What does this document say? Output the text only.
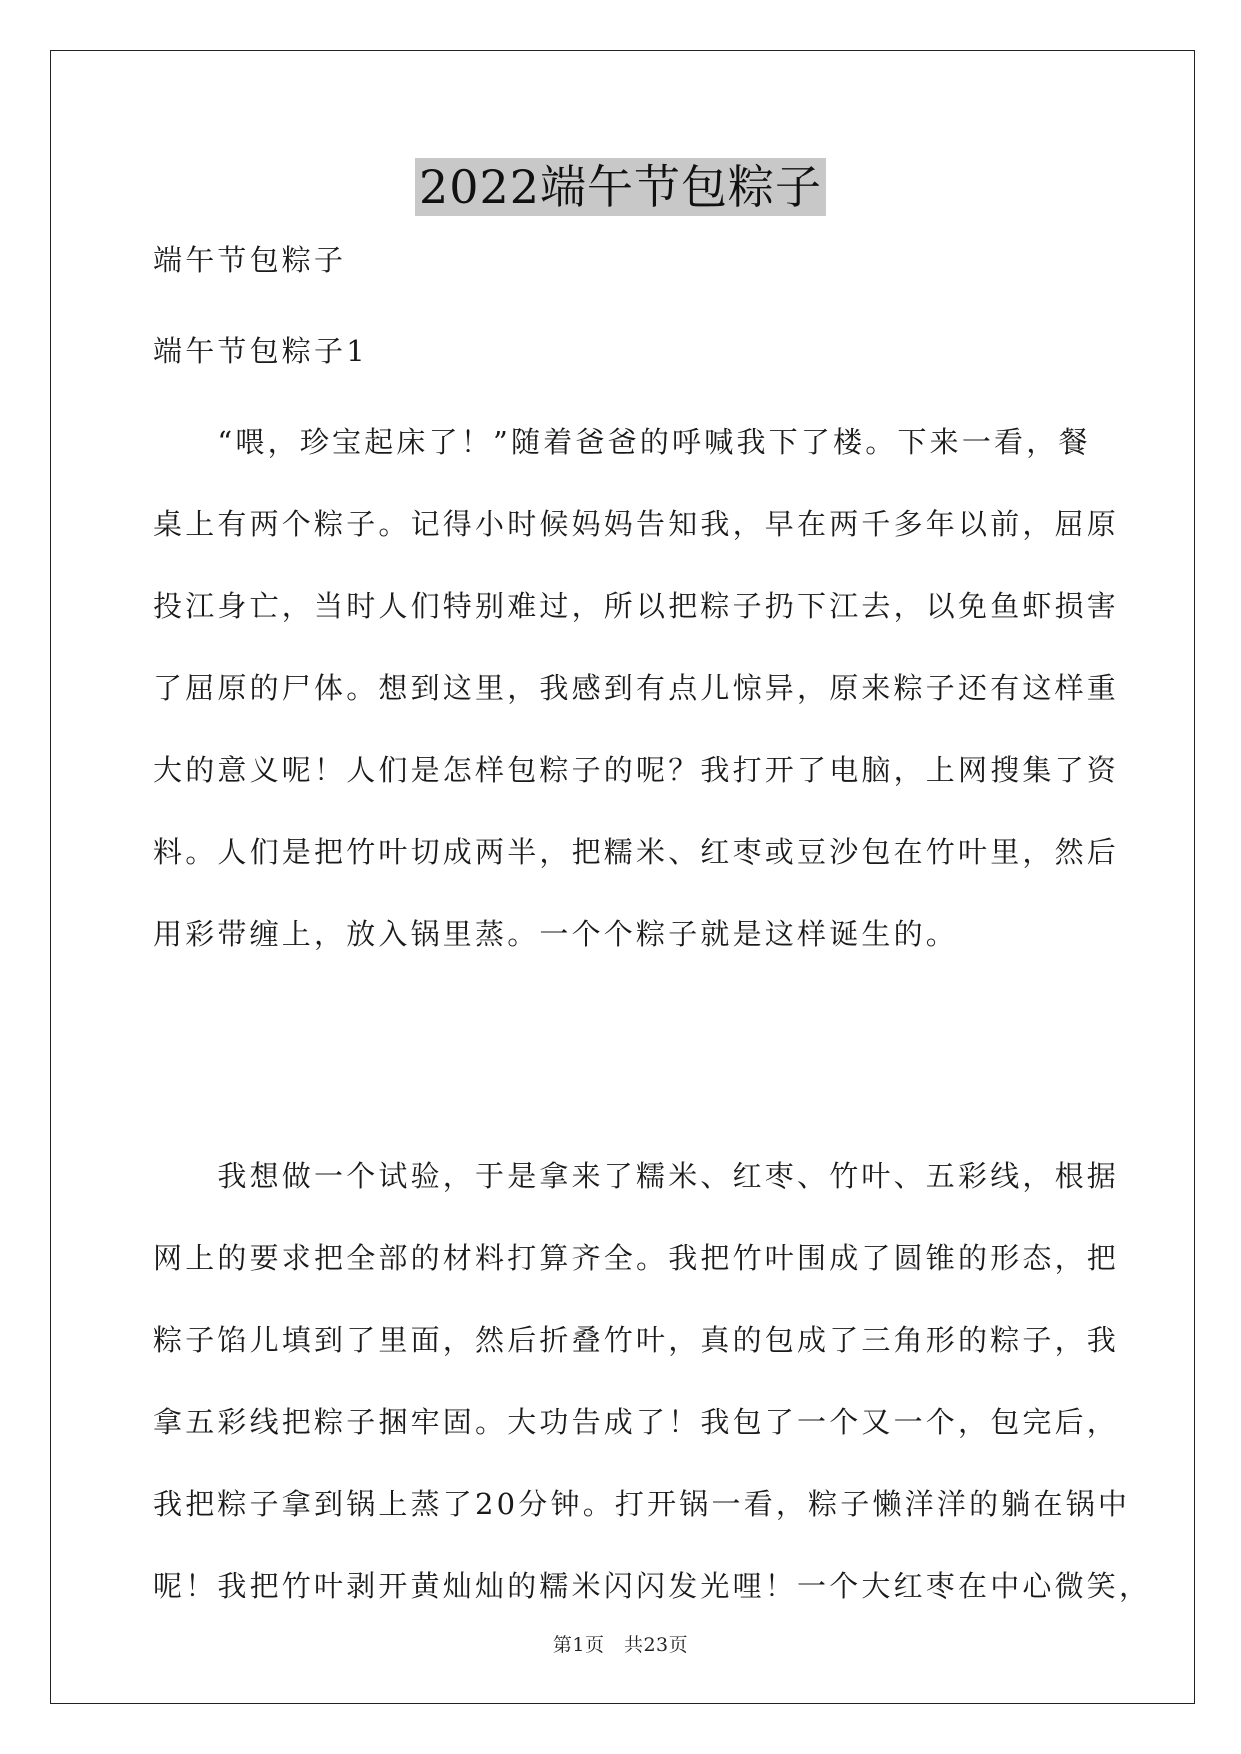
2022端午节包粽子

端午节包粽子

端午节包粽子1

　　“喂，珍宝起床了！”随着爸爸的呼喊我下了楼。下来一看，餐

桌上有两个粽子。记得小时候妈妈告知我，早在两千多年以前，屈原

投江身亡，当时人们特别难过，所以把粽子扔下江去，以免鱼虾损害

了屈原的尸体。想到这里，我感到有点儿惊异，原来粽子还有这样重

大的意义呢！人们是怎样包粽子的呢？我打开了电脑，上网搜集了资

料。人们是把竹叶切成两半，把糯米、红枣或豆沙包在竹叶里，然后

用彩带缠上，放入锅里蒸。一个个粽子就是这样诞生的。

　　我想做一个试验，于是拿来了糯米、红枣、竹叶、五彩线，根据

网上的要求把全部的材料打算齐全。我把竹叶围成了圆锥的形态，把

粽子馅儿填到了里面，然后折叠竹叶，真的包成了三角形的粽子，我

拿五彩线把粽子捆牢固。大功告成了！我包了一个又一个，包完后，

我把粽子拿到锅上蒸了20分钟。打开锅一看，粽子懒洋洋的躺在锅中

呢！我把竹叶剥开黄灿灿的糯米闪闪发光哩！一个大红枣在中心微笑，

第1页　共23页
